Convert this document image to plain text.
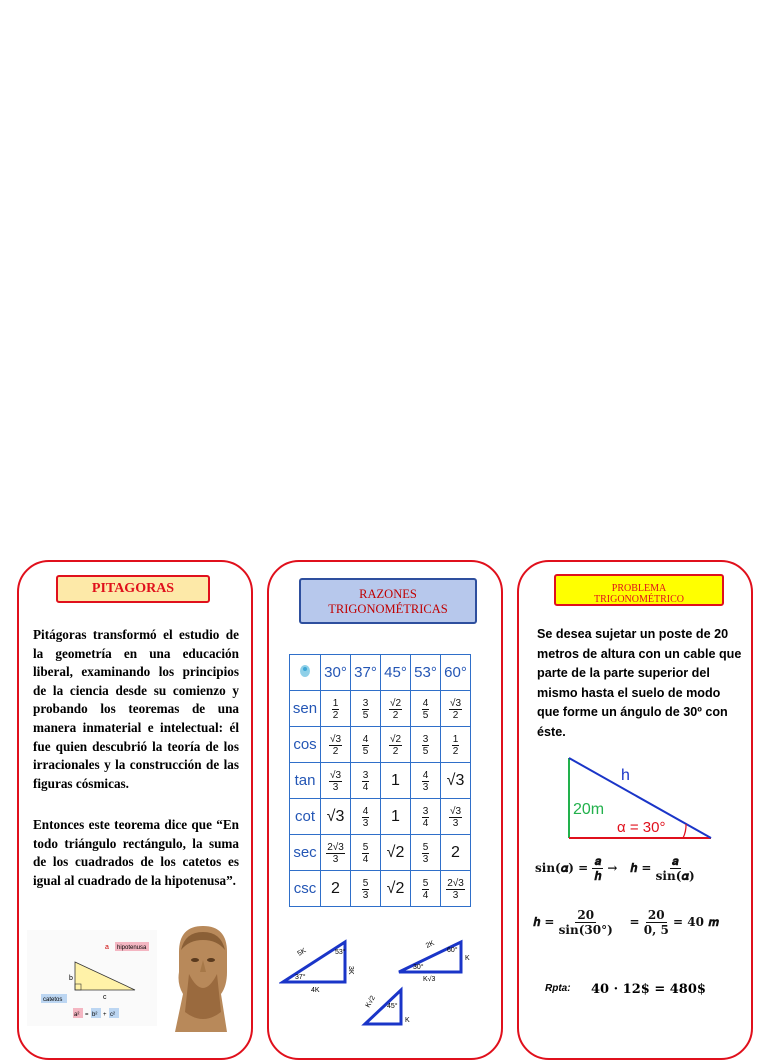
PITAGORAS

Pitágoras transformó el estudio de la geometría en una educación liberal, examinando los principios de la ciencia desde su comienzo y probando los teoremas de una manera inmaterial e intelectual: él fue quien descubrió la teoría de los irracionales y la construcción de las figuras cósmicas.

Entonces este teorema dice que “En todo triángulo rectángulo, la suma de los cuadrados de los catetos es igual al cuadrado de la hipotenusa”.

hipotenusa
a
b
c
catetos
a² = b² + c²
RAZONES
TRIGONOMÉTRICAS
	30°	37°	45°	53°	60°
sen	$\frac{1}{2}$	$\frac{3}{5}$	$\frac{√2}{2}$	$\frac{4}{5}$	$\frac{√3}{2}$

cos	$\frac{√3}{2}$	$\frac{4}{5}$	$\frac{√2}{2}$	$\frac{3}{5}$	$\frac{1}{2}$

tan	$\frac{√3}{3}$	$\frac{3}{4}$	1	$\frac{4}{3}$	√3
cot	√3	$\frac{4}{3}$	1	$\frac{3}{4}$	$\frac{√3}{3}$

sec	$\frac{2√3}{3}$	$\frac{5}{4}$	√2	$\frac{5}{3}$	2
csc	2	$\frac{5}{3}$	√2	$\frac{5}{4}$	$\frac{2√3}{3}$
5K
3K
4K
37°
53°
2K
K
K√3
30°
60°
K√2 45°
K
PROBLEMA
TRIGONOMÉTRICO

Se desea sujetar un poste de 20 metros de altura con un cable que parte de la parte superior del mismo hasta el suelo de modo que forme un ángulo de 30º con éste.

h
20m
α = 30°
sin(𝜶) = 𝒂
𝒉
→ 𝒉 = 𝒂
sin(𝜶)
𝒉 = $\frac{20}{\sin(30^\circ)} = \frac{20}{0, 5} = 40$ 𝒎
Rpta: 40 · 12$ = 480$
